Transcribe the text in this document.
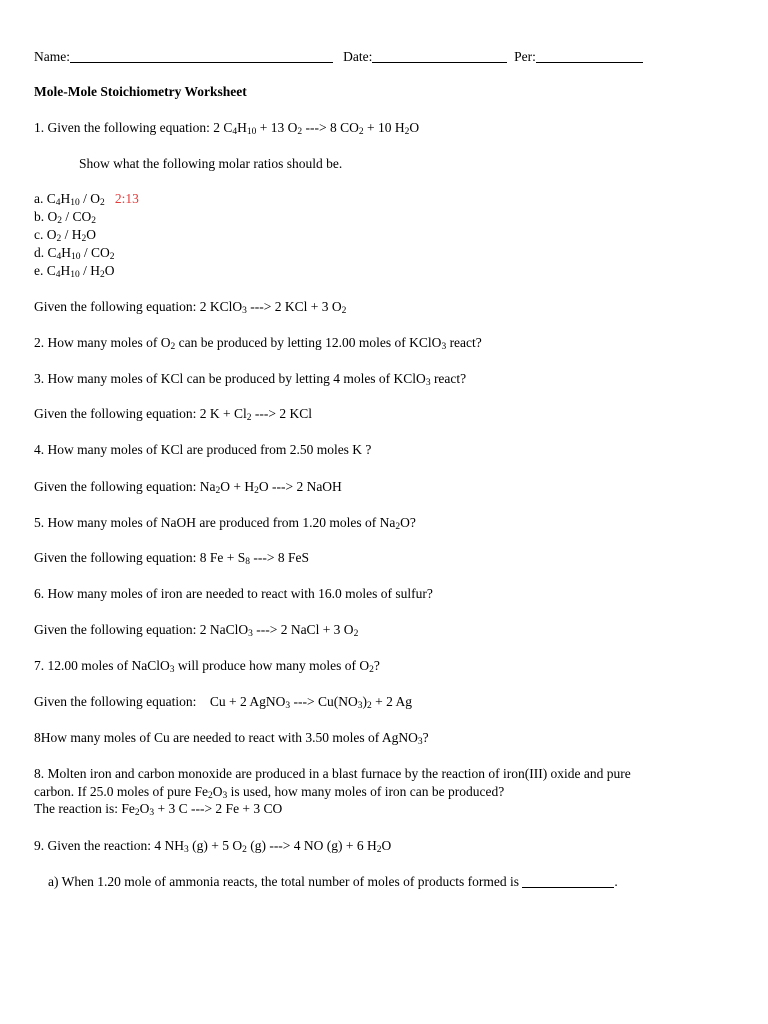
Name:	Date:	Per:
Mole-Mole Stoichiometry Worksheet
1. Given the following equation: 2 $C_4H_{10} + 13$ $O_2$ ---> 8 $CO_2 + 10$ $H_2O$
Show what the following molar ratios should be.
a. $C_4H_{10} / O_2$ 2:13
b. $O_2 / CO_2$
c. $O_2 / H_2O$
d. $C_4H_{10} / CO_2$
e. $C_4H_{10} / H_2O$
Given the following equation: 2 KClO$_3$ ---> 2 KCl + 3 $O_2$
2. How many moles of $O_2$ can be produced by letting 12.00 moles of KClO$_3$ react?
3. How many moles of KCl can be produced by letting 4 moles of KClO$_3$ react?
Given the following equation: 2 $K + Cl_2$ ---> 2 KCl
4. How many moles of KCl are produced from 2.50 moles K ?
Given the following equation: $Na_2O + H_2O$ ---> 2 NaOH
5. How many moles of NaOH are produced from 1.20 moles of $Na_2O$?
Given the following equation: 8 $Fe + S_8$ ---> 8 FeS
6. How many moles of iron are needed to react with 16.0 moles of sulfur?
Given the following equation: 2 NaClO$_3$ ---> 2 NaCl + 3 $O_2$
7. 12.00 moles of NaClO$_3$ will produce how many moles of $O_2$?
Given the following equation:    Cu + 2 AgNO$_3$ ---> $Cu(NO_3)_2 + 2$ Ag
8How many moles of Cu are needed to react with 3.50 moles of AgNO$_3$?
8. Molten iron and carbon monoxide are produced in a blast furnace by the reaction of iron(III) oxide and pure
carbon. If 25.0 moles of pure $Fe_2O_3$ is used, how many moles of iron can be produced?
The reaction is: $Fe_2O_3 + 3$ C ---> 2 Fe + 3 CO
9. Given the reaction: 4 $NH_3$ (g) + 5 $O_2$ (g) ---> 4 NO (g) + 6 $H_2O$
a) When 1.20 mole of ammonia reacts, the total number of moles of products formed is	.
